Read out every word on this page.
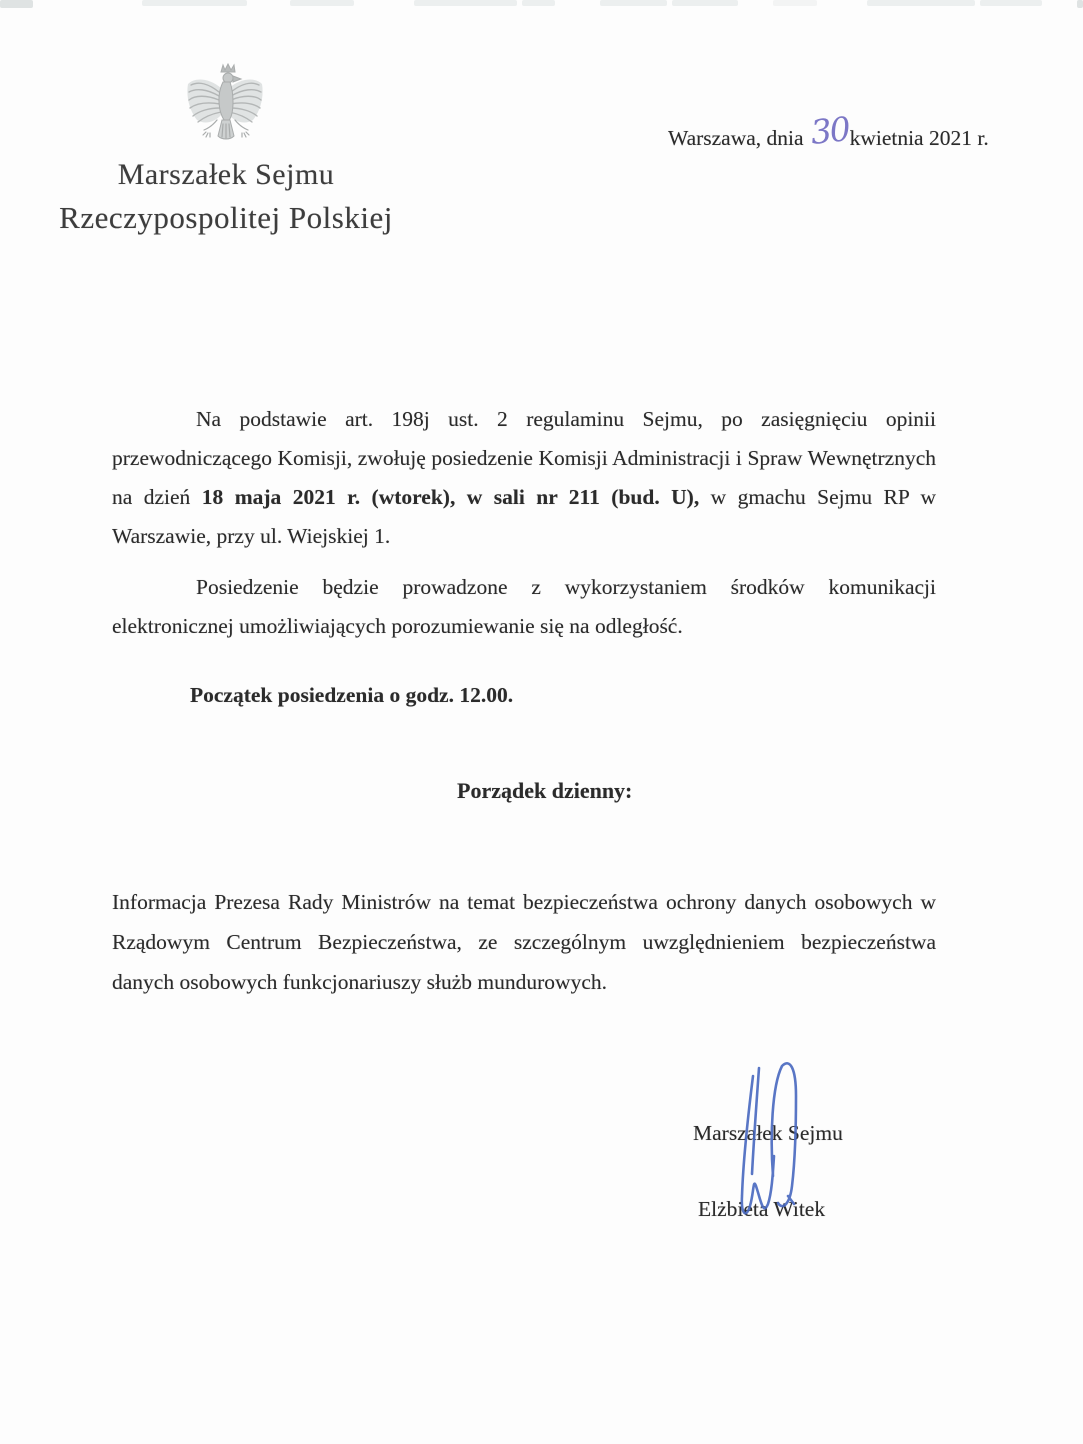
Marszałek Sejmu
Rzeczypospolitej Polskiej
Warszawa, dnia 30kwietnia 2021 r.

Na podstawie art. 198j ust. 2 regulaminu Sejmu, po zasięgnięciu opinii przewodniczącego Komisji, zwołuję posiedzenie Komisji Administracji i Spraw Wewnętrznych na dzień 18 maja 2021 r. (wtorek), w sali nr 211 (bud. U), w gmachu Sejmu RP w Warszawie, przy ul. Wiejskiej 1.

Posiedzenie będzie prowadzone z wykorzystaniem środków komunikacji elektronicznej umożliwiających porozumiewanie się na odległość.

Początek posiedzenia o godz. 12.00.
Porządek dzienny:

Informacja Prezesa Rady Ministrów na temat bezpieczeństwa ochrony danych osobowych w Rządowym Centrum Bezpieczeństwa, ze szczególnym uwzględnieniem bezpieczeństwa danych osobowych funkcjonariuszy służb mundurowych.

Marszałek Sejmu
Elżbieta Witek
